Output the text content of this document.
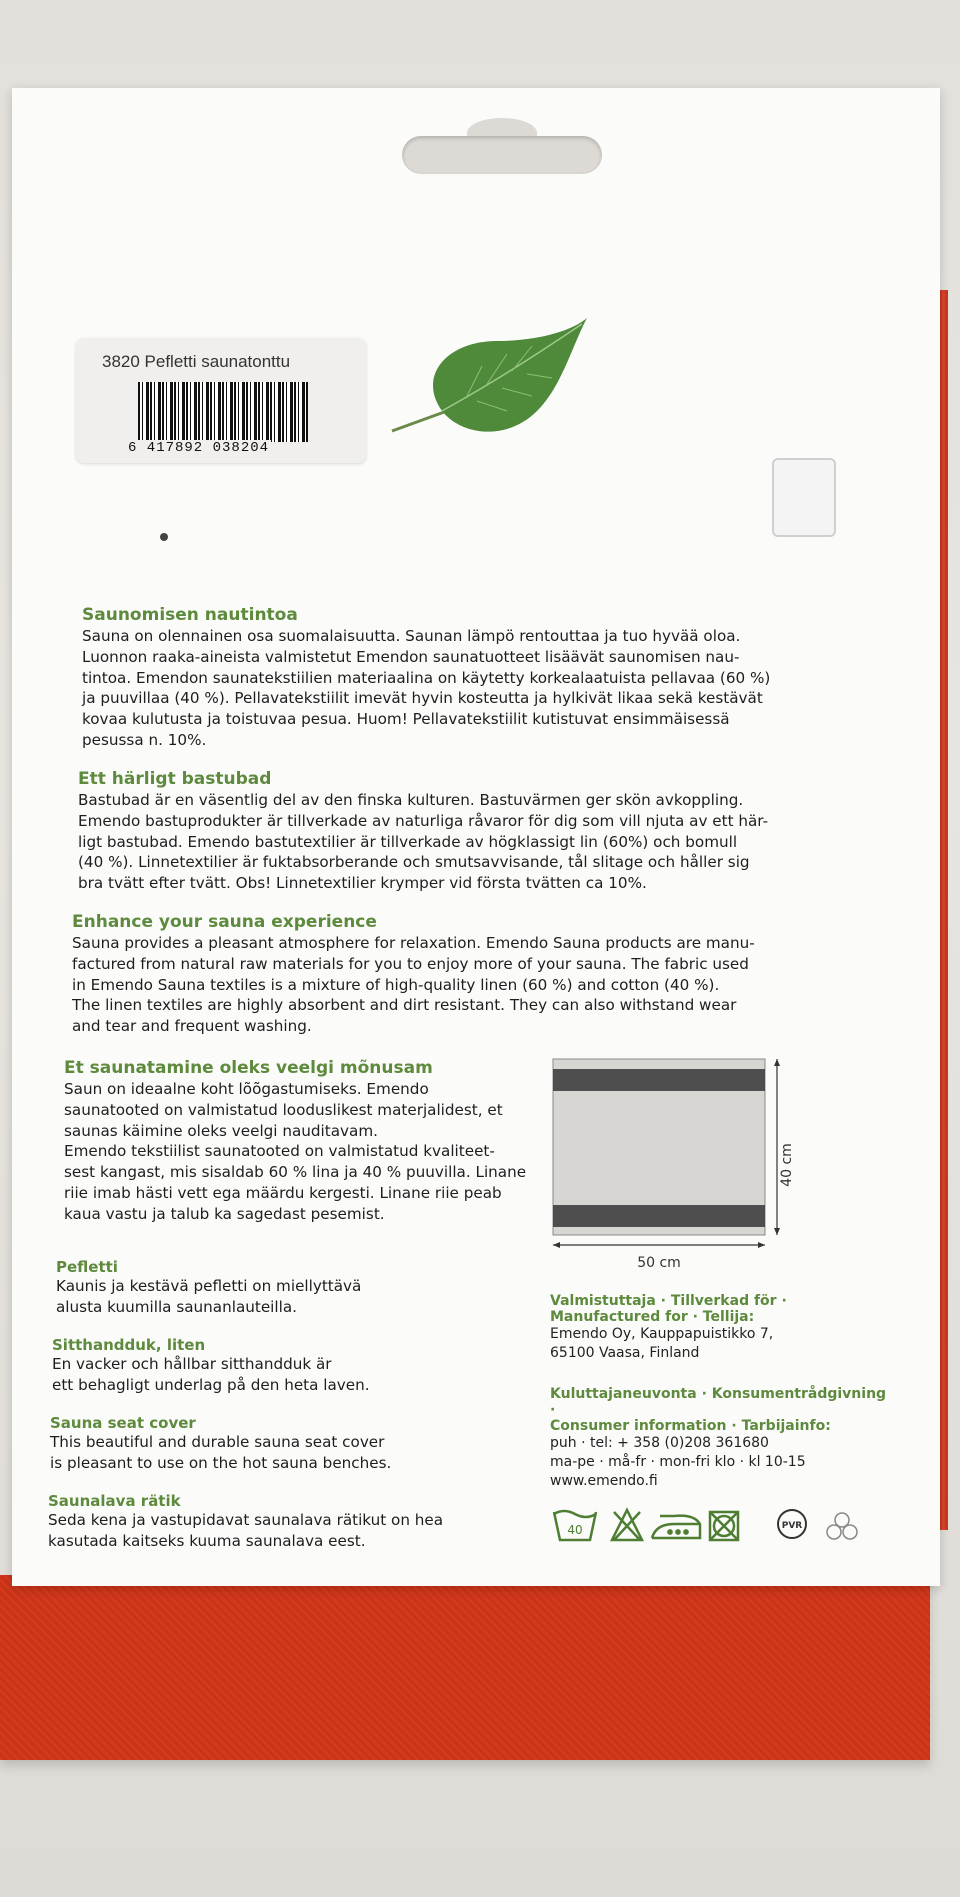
3820 Pefletti saunatonttu
6 417892 038204
Saunomisen nautintoa

Sauna on olennainen osa suomalaisuutta. Saunan lämpö rentouttaa ja tuo hyvää oloa.

Luonnon raaka-aineista valmistetut Emendon saunatuotteet lisäävät saunomisen nau-

tintoa. Emendon saunatekstiilien materiaalina on käytetty korkealaatuista pellavaa (60 %)

ja puuvillaa (40 %). Pellavatekstiilit imevät hyvin kosteutta ja hylkivät likaa sekä kestävät

kovaa kulutusta ja toistuvaa pesua. Huom! Pellavatekstiilit kutistuvat ensimmäisessä

pesussa n. 10%.

Ett härligt bastubad

Bastubad är en väsentlig del av den finska kulturen. Bastuvärmen ger skön avkoppling.

Emendo bastuprodukter är tillverkade av naturliga råvaror för dig som vill njuta av ett här-

ligt bastubad. Emendo bastutextilier är tillverkade av högklassigt lin (60%) och bomull

(40 %). Linnetextilier är fuktabsorberande och smutsavvisande, tål slitage och håller sig

bra tvätt efter tvätt. Obs! Linnetextilier krymper vid första tvätten ca 10%.

Enhance your sauna experience

Sauna provides a pleasant atmosphere for relaxation. Emendo Sauna products are manu-

factured from natural raw materials for you to enjoy more of your sauna. The fabric used

in Emendo Sauna textiles is a mixture of high-quality linen (60 %) and cotton (40 %).

The linen textiles are highly absorbent and dirt resistant. They can also withstand wear

and tear and frequent washing.

Et saunatamine oleks veelgi mõnusam

Saun on ideaalne koht lõõgastumiseks. Emendo

saunatooted on valmistatud looduslikest materjalidest, et

saunas käimine oleks veelgi nauditavam.

Emendo tekstiilist saunatooted on valmistatud kvaliteet-

sest kangast, mis sisaldab 60 % lina ja 40 % puuvilla. Linane

riie imab hästi vett ega määrdu kergesti. Linane riie peab

kaua vastu ja talub ka sagedast pesemist.

Pefletti

Kaunis ja kestävä pefletti on miellyttävä

alusta kuumilla saunanlauteilla.

Sitthandduk, liten

En vacker och hållbar sitthandduk är

ett behagligt underlag på den heta laven.

Sauna seat cover

This beautiful and durable sauna seat cover

is pleasant to use on the hot sauna benches.

Saunalava rätik

Seda kena ja vastupidavat saunalava rätikut on hea

kasutada kaitseks kuuma saunalava eest.

40 cm
50 cm
Valmistuttaja · Tillverkad för ·
Manufactured for · Tellija:
Emendo Oy, Kauppapuistikko 7,
65100 Vaasa, Finland
Kuluttajaneuvonta · Konsumentrådgivning ·
Consumer information · Tarbijainfo:
puh · tel: + 358 (0)208 361680
ma-pe · må-fr · mon-fri klo · kl 10-15
www.emendo.fi
40	PVR
